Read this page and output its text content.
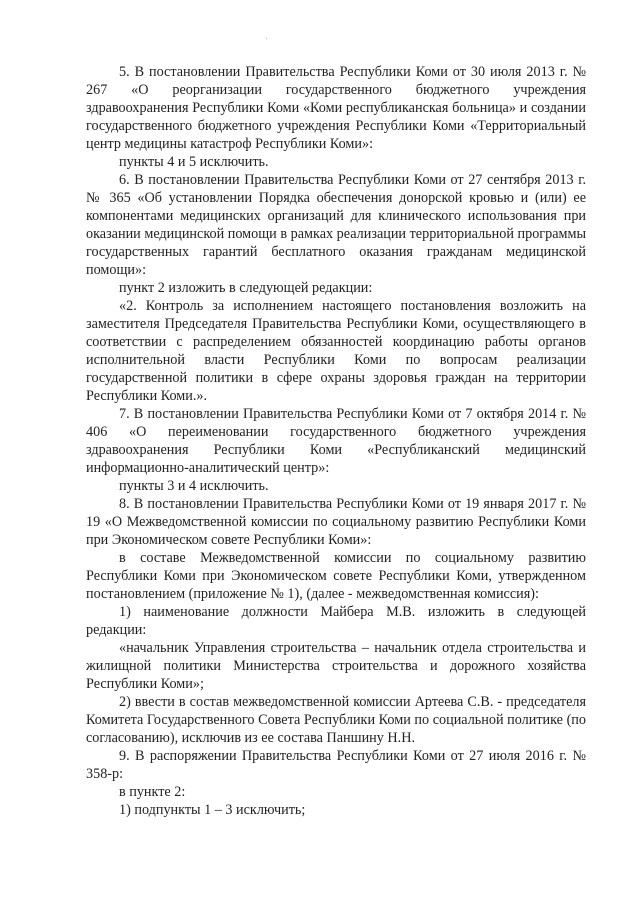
'

5. В постановлении Правительства Республики Коми от 30 июля 2013 г. № 267 «О реорганизации государственного бюджетного учреждения здравоохранения Республики Коми «Коми республиканская больница» и создании государственного бюджетного учреждения Республики Коми «Территориальный центр медицины катастроф Республики Коми»:

пункты 4 и 5 исключить.

6. В постановлении Правительства Республики Коми от 27 сентября 2013 г. № 365 «Об установлении Порядка обеспечения донорской кровью и (или) ее компонентами медицинских организаций для клинического использования при оказании медицинской помощи в рамках реализации территориальной программы государственных гарантий бесплатного оказания гражданам медицинской помощи»:

пункт 2 изложить в следующей редакции:

«2. Контроль за исполнением настоящего постановления возложить на заместителя Председателя Правительства Республики Коми, осуществляющего в соответствии с распределением обязанностей координацию работы органов исполнительной власти Республики Коми по вопросам реализации государственной политики в сфере охраны здоровья граждан на территории Республики Коми.».

7. В постановлении Правительства Республики Коми от 7 октября 2014 г. № 406 «О переименовании государственного бюджетного учреждения здравоохранения Республики Коми «Республиканский медицинский информационно-аналитический центр»:

пункты 3 и 4 исключить.

8. В постановлении Правительства Республики Коми от 19 января 2017 г. № 19 «О Межведомственной комиссии по социальному развитию Республики Коми при Экономическом совете Республики Коми»:

в составе Межведомственной комиссии по социальному развитию Республики Коми при Экономическом совете Республики Коми, утвержденном постановлением (приложение № 1), (далее - межведомственная комиссия):

1) наименование должности Майбера М.В. изложить в следующей редакции:

«начальник Управления строительства – начальник отдела строительства и жилищной политики Министерства строительства и дорожного хозяйства Республики Коми»;

2) ввести в состав межведомственной комиссии Артеева С.В. - председателя Комитета Государственного Совета Республики Коми по социальной политике (по согласованию), исключив из ее состава Паншину Н.Н.

9. В распоряжении Правительства Республики Коми от 27 июля 2016 г. № 358-р:

в пункте 2:

1) подпункты 1 – 3 исключить;
